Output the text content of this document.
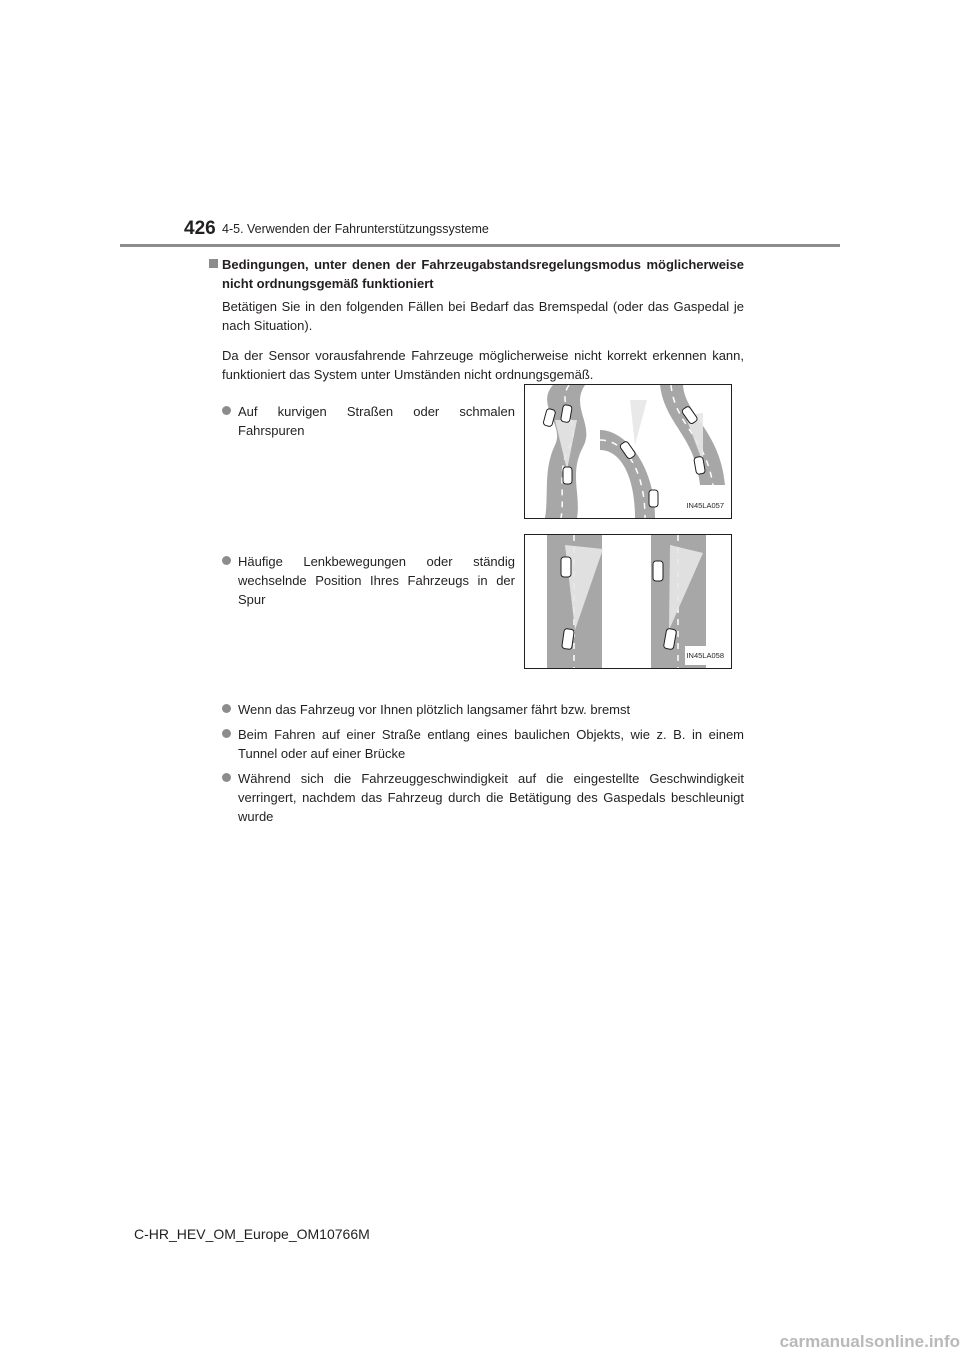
426 4-5. Verwenden der Fahrunterstützungssysteme
Bedingungen, unter denen der Fahrzeugabstandsregelungsmodus möglicherweise nicht ordnungsgemäß funktioniert
Betätigen Sie in den folgenden Fällen bei Bedarf das Bremspedal (oder das Gaspedal je nach Situation).
Da der Sensor vorausfahrende Fahrzeuge möglicherweise nicht korrekt erkennen kann, funktioniert das System unter Umständen nicht ordnungsgemäß.
Auf kurvigen Straßen oder schmalen Fahrspuren
IN45LA057
Häufige Lenkbewegungen oder ständig wechselnde Position Ihres Fahrzeugs in der Spur
IN45LA058
Wenn das Fahrzeug vor Ihnen plötzlich langsamer fährt bzw. bremst
Beim Fahren auf einer Straße entlang eines baulichen Objekts, wie z. B. in einem Tunnel oder auf einer Brücke
Während sich die Fahrzeuggeschwindigkeit auf die eingestellte Geschwindigkeit verringert, nachdem das Fahrzeug durch die Betätigung des Gaspedals beschleunigt wurde
C-HR_HEV_OM_Europe_OM10766M
carmanualsonline.info
